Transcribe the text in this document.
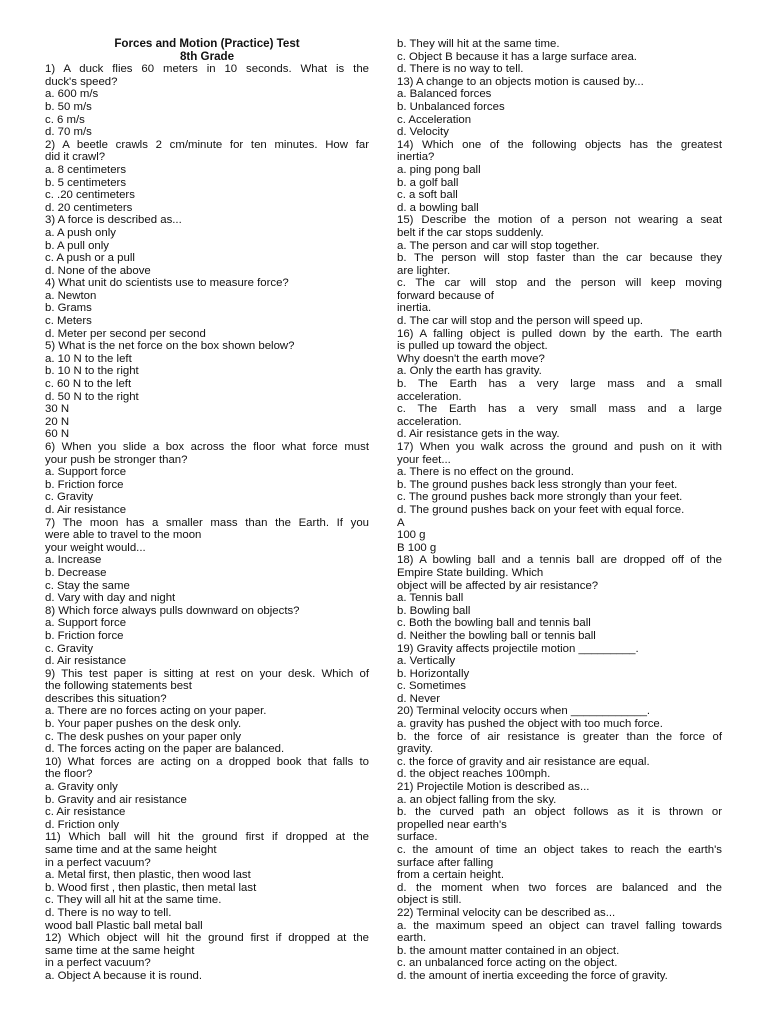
Forces and Motion (Practice) Test

8th Grade

1) A duck flies 60 meters in 10 seconds. What is the

duck's speed?

a. 600 m/s

b. 50 m/s

c. 6 m/s

d. 70 m/s

2) A beetle crawls 2 cm/minute for ten minutes. How far

did it crawl?

a. 8 centimeters

b. 5 centimeters

c. .20 centimeters

d. 20 centimeters

3) A force is described as...

a. A push only

b. A pull only

c. A push or a pull

d. None of the above

4) What unit do scientists use to measure force?

a. Newton

b. Grams

c. Meters

d. Meter per second per second

5) What is the net force on the box shown below?

a. 10 N to the left

b. 10 N to the right

c. 60 N to the left

d. 50 N to the right

30 N

20 N

60 N

6) When you slide a box across the floor what force must

your push be stronger than?

a. Support force

b. Friction force

c. Gravity

d. Air resistance

7) The moon has a smaller mass than the Earth. If you

were able to travel to the moon

your weight would...

a. Increase

b. Decrease

c. Stay the same

d. Vary with day and night

8) Which force always pulls downward on objects?

a. Support force

b. Friction force

c. Gravity

d. Air resistance

9) This test paper is sitting at rest on your desk. Which of

the following statements best

describes this situation?

a. There are no forces acting on your paper.

b. Your paper pushes on the desk only.

c. The desk pushes on your paper only

d. The forces acting on the paper are balanced.

10) What forces are acting on a dropped book that falls to

the floor?

a. Gravity only

b. Gravity and air resistance

c. Air resistance

d. Friction only

11) Which ball will hit the ground first if dropped at the

same time and at the same height

in a perfect vacuum?

a. Metal first, then plastic, then wood last

b. Wood first , then plastic, then metal last

c. They will all hit at the same time.

d. There is no way to tell.

wood ball Plastic ball metal ball

12) Which object will hit the ground first if dropped at the

same time at the same height

in a perfect vacuum?

a. Object A because it is round.

b. They will hit at the same time.

c. Object B because it has a large surface area.

d. There is no way to tell.

13) A change to an objects motion is caused by...

a. Balanced forces

b. Unbalanced forces

c. Acceleration

d. Velocity

14) Which one of the following objects has the greatest

inertia?

a. ping pong ball

b. a golf ball

c. a soft ball

d. a bowling ball

15) Describe the motion of a person not wearing a seat

belt if the car stops suddenly.

a. The person and car will stop together.

b. The person will stop faster than the car because they

are lighter.

c. The car will stop and the person will keep moving

forward because of

inertia.

d. The car will stop and the person will speed up.

16) A falling object is pulled down by the earth. The earth

is pulled up toward the object.

Why doesn't the earth move?

a. Only the earth has gravity.

b. The Earth has a very large mass and a small

acceleration.

c. The Earth has a very small mass and a large

acceleration.

d. Air resistance gets in the way.

17) When you walk across the ground and push on it with

your feet...

a. There is no effect on the ground.

b. The ground pushes back less strongly than your feet.

c. The ground pushes back more strongly than your feet.

d. The ground pushes back on your feet with equal force.

A

100 g

B 100 g

18) A bowling ball and a tennis ball are dropped off of the

Empire State building. Which

object will be affected by air resistance?

a. Tennis ball

b. Bowling ball

c. Both the bowling ball and tennis ball

d. Neither the bowling ball or tennis ball

19) Gravity affects projectile motion _________.

a. Vertically

b. Horizontally

c. Sometimes

d. Never

20) Terminal velocity occurs when ____________.

a. gravity has pushed the object with too much force.

b. the force of air resistance is greater than the force of

gravity.

c. the force of gravity and air resistance are equal.

d. the object reaches 100mph.

21) Projectile Motion is described as...

a. an object falling from the sky.

b. the curved path an object follows as it is thrown or

propelled near earth's

surface.

c. the amount of time an object takes to reach the earth's

surface after falling

from a certain height.

d. the moment when two forces are balanced and the

object is still.

22) Terminal velocity can be described as...

a. the maximum speed an object can travel falling towards

earth.

b. the amount matter contained in an object.

c. an unbalanced force acting on the object.

d. the amount of inertia exceeding the force of gravity.
